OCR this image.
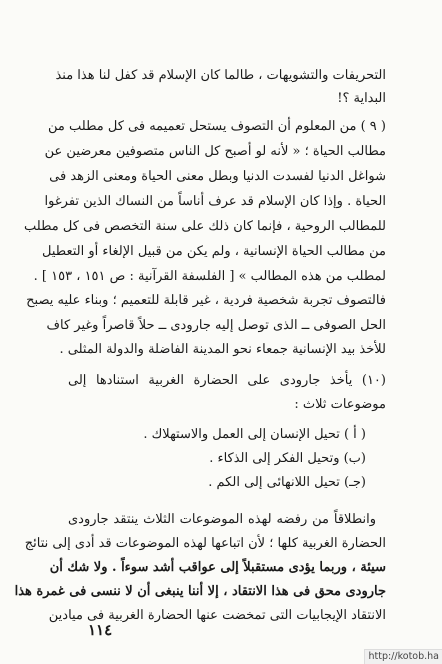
التحريفات والتشويهات ، طالما كان الإسلام قد كفل لنا هذا منذ
البداية ؟!
( ٩ ) من المعلوم أن التصوف يستحل تعميمه فى كل مطلب من
مطالب الحياة ؛ « لأنه لو أصبح كل الناس متصوفين معرضين عن
شواغل الدنيا لفسدت الدنيا وبطل معنى الحياة ومعنى الزهد فى
الحياة . وإذا كان الإسلام قد عرف أناساً من النساك الذين تفرغوا
للمطالب الروحية ، فإنما كان ذلك على سنة التخصص فى كل مطلب
من مطالب الحياة الإنسانية ، ولم يكن من قبيل الإلغاء أو التعطيل
لمطلب من هذه المطالب » [ الفلسفة القرآنية : ص ١٥١ ، ١٥٣ ] .
فالتصوف تجربة شخصية فردية ، غير قابلة للتعميم ؛ وبناء عليه يصبح
الحل الصوفى ــ الذى توصل إليه جارودى ــ حلاً قاصراً وغير كاف
للأخذ بيد الإنسانية جمعاء نحو المدينة الفاضلة والدولة المثلى .
(١٠) يأخذ جارودى على الحضارة الغربية استنادها إلى
موضوعات ثلاث :
( أ ) تحيل الإنسان إلى العمل والاستهلاك .
(ب) وتحيل الفكر إلى الذكاء .
(جـ) تحيل اللانهائى إلى الكم .
وانطلاقاً من رفضه لهذه الموضوعات الثلاث ينتقد جارودى
الحضارة الغربية كلها ؛ لأن اتباعها لهذه الموضوعات قد أدى إلى نتائج
سيئة ، وربما يؤدى مستقبلاً إلى عواقب أشد سوءاً . ولا شك أن
جارودى محق فى هذا الانتقاد ، إلا أننا ينبغى أن لا ننسى فى غمرة هذا
الانتقاد الإيجابيات التى تمخضت عنها الحضارة الغربية فى ميادين
١١٤
http://kotob.ha
